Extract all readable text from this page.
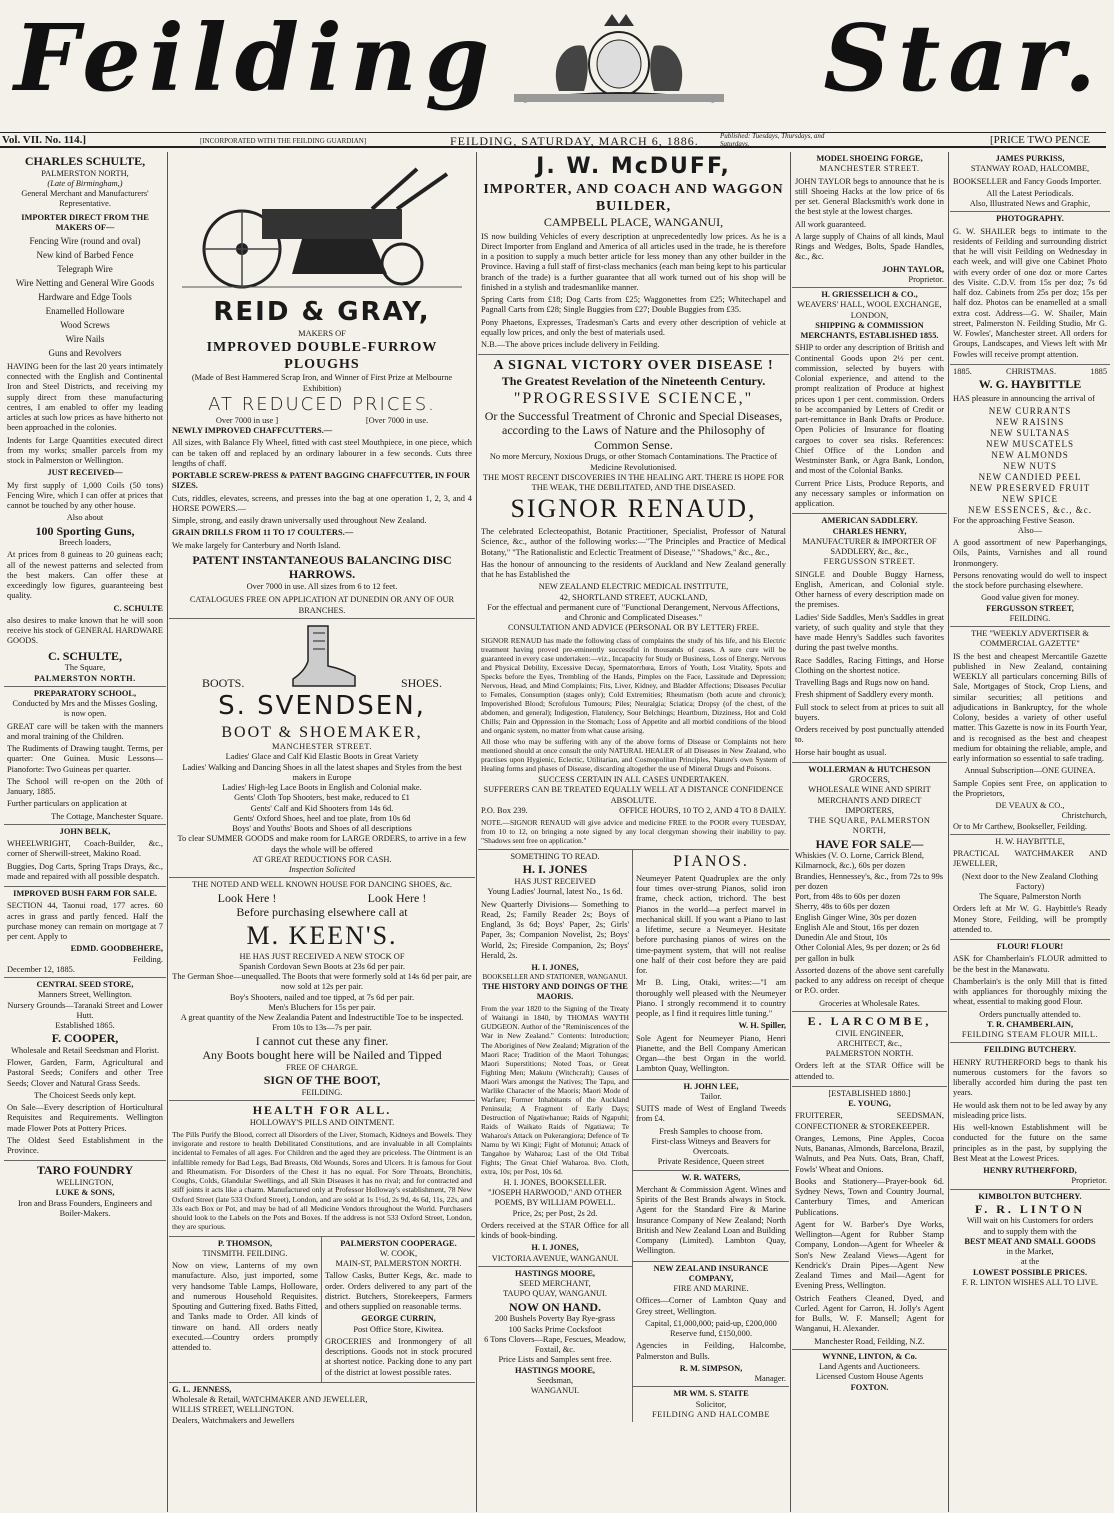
Feilding	Star.
Vol. VII. No. 114.]	[INCORPORATED WITH THE FEILDING GUARDIAN]	FEILDING, SATURDAY, MARCH 6, 1886.	Published: Tuesdays, Thursdays, and Saturdays.	[PRICE TWO PENCE
CHARLES SCHULTE,
PALMERSTON NORTH,
(Late of Birmingham,)
General Merchant and Manufacturers' Representative.
IMPORTER DIRECT FROM THE MAKERS OF—
Fencing Wire (round and oval)
New kind of Barbed Fence
Telegraph Wire
Wire Netting and General Wire Goods
Hardware and Edge Tools
Enamelled Holloware
Wood Screws
Wire Nails
Guns and Revolvers

HAVING been for the last 20 years intimately connected with the English and Continental Iron and Steel Districts, and receiving my supply direct from these manufacturing centres, I am enabled to offer my leading articles at such low prices as have hitherto not been approached in the colonies.

Indents for Large Quantities executed direct from my works; smaller parcels from my stock in Palmerston or Wellington.

JUST RECEIVED—

My first supply of 1,000 Coils (50 tons) Fencing Wire, which I can offer at prices that cannot be touched by any other house.

Also about
100 Sporting Guns,
Breech loaders,

At prices from 8 guineas to 20 guineas each; all of the newest patterns and selected from the best makers. Can offer these at exceedingly low figures, guaranteeing best quality.

C. SCHULTE

also desires to make known that he will soon receive his stock of GENERAL HARDWARE GOODS.

C. SCHULTE,
The Square,
PALMERSTON NORTH.
PREPARATORY SCHOOL,
Conducted by Mrs and the Misses Gosling,
is now open.

GREAT care will be taken with the manners and moral training of the Children.

The Rudiments of Drawing taught. Terms, per quarter: One Guinea. Music Lessons—Pianoforte: Two Guineas per quarter.

The School will re-open on the 20th of January, 1885.

Further particulars on application at

The Cottage, Manchester Square.
JOHN BELK,

WHEELWRIGHT, Coach-Builder, &c., corner of Sherwill-street, Makino Road.

Buggies, Dog Carts, Spring Traps Drays, &c., made and repaired with all possible despatch.

IMPROVED BUSH FARM FOR SALE.

SECTION 44, Taonui road, 177 acres. 60 acres in grass and partly fenced. Half the purchase money can remain on mortgage at 7 per cent. Apply to

EDMD. GOODBEHERE,
Feilding.
December 12, 1885.
CENTRAL SEED STORE,
Manners Street, Wellington.
Nursery Grounds—Taranaki Street and Lower Hutt.
Established 1865.
F. COOPER,
Wholesale and Retail Seedsman and Florist.

Flower, Garden, Farm, Agricultural and Pastoral Seeds; Conifers and other Tree Seeds; Clover and Natural Grass Seeds.

The Choicest Seeds only kept.

On Sale—Every description of Horticultural Requisites and Requirements. Wellington made Flower Pots at Pottery Prices.

The Oldest Seed Establishment in the Province.

TARO FOUNDRY
WELLINGTON,
LUKE & SONS,
Iron and Brass Founders, Engineers and Boiler-Makers.
REID & GRAY,
MAKERS OF
IMPROVED DOUBLE-FURROW PLOUGHS
(Made of Best Hammered Scrap Iron, and Winner of First Prize at Melbourne Exhibition)
AT REDUCED PRICES.
Over 7000 in use ]	[Over 7000 in use.
NEWLY IMPROVED CHAFFCUTTERS.—

All sizes, with Balance Fly Wheel, fitted with cast steel Mouthpiece, in one piece, which can be taken off and replaced by an ordinary labourer in a few seconds. Cuts three lengths of chaff.

PORTABLE SCREW-PRESS & PATENT BAGGING CHAFFCUTTER, IN FOUR SIZES.

Cuts, riddles, elevates, screens, and presses into the bag at one operation 1, 2, 3, and 4 HORSE POWERS.—

Simple, strong, and easily drawn universally used throughout New Zealand.

GRAIN DRILLS FROM 11 TO 17 COULTERS.—

We make largely for Canterbury and North Island.

PATENT INSTANTANEOUS BALANCING DISC HARROWS.
Over 7000 in use. All sizes from 6 to 12 feet.
CATALOGUES FREE ON APPLICATION AT DUNEDIN OR ANY OF OUR BRANCHES.
BOOTS.	SHOES.
S. SVENDSEN,
BOOT & SHOEMAKER,
MANCHESTER STREET.
Ladies' Glace and Calf Kid Elastic Boots in Great Variety
Ladies' Walking and Dancing Shoes in all the latest shapes and Styles from the best makers in Europe
Ladies' High-leg Lace Boots in English and Colonial make.
Gents' Cloth Top Shooters, best make, reduced to £1
Gents' Calf and Kid Shooters from 14s 6d.
Gents' Oxford Shoes, heel and toe plate, from 10s 6d
Boys' and Youths' Boots and Shoes of all descriptions
To clear SUMMER GOODS and make room for LARGE ORDERS, to arrive in a few days the whole will be offered
AT GREAT REDUCTIONS FOR CASH.
Inspection Solicited
THE NOTED AND WELL KNOWN HOUSE FOR DANCING SHOES, &c.
Look Here !	Look Here !
Before purchasing elsewhere call at
M. KEEN'S.
HE HAS JUST RECEIVED A NEW STOCK OF
Spanish Cordovan Sewn Boots at 23s 6d per pair.
The German Shoe—unequalled. The Boots that were formerly sold at 14s 6d per pair, are now sold at 12s per pair.
Boy's Shooters, nailed and toe tipped, at 7s 6d per pair.
Men's Bluchers for 15s per pair.
A great quantity of the New Zealandia Patent and Indestructible Toe to be inspected. From 10s to 13s—7s per pair.
I cannot cut these any finer.
Any Boots bought here will be Nailed and Tipped
FREE OF CHARGE.
SIGN OF THE BOOT,
FEILDING.
HEALTH FOR ALL.
HOLLOWAY'S PILLS AND OINTMENT.

The Pills Purify the Blood, correct all Disorders of the Liver, Stomach, Kidneys and Bowels. They invigorate and restore to health Debilitated Constitutions, and are invaluable in all Complaints incidental to Females of all ages. For Children and the aged they are priceless. The Ointment is an infallible remedy for Bad Legs, Bad Breasts, Old Wounds, Sores and Ulcers. It is famous for Gout and Rheumatism. For Disorders of the Chest it has no equal. For Sore Throats, Bronchitis, Coughs, Colds, Glandular Swellings, and all Skin Diseases it has no rival; and for contracted and stiff joints it acts like a charm. Manufactured only at Professor Holloway's establishment, 78 New Oxford Street (late 533 Oxford Street), London, and are sold at 1s 1½d, 2s 9d, 4s 6d, 11s, 22s, and 33s each Box or Pot, and may be had of all Medicine Vendors throughout the World. Purchasers should look to the Labels on the Pots and Boxes. If the address is not 533 Oxford Street, London, they are spurious.

P. THOMSON,
TINSMITH. FEILDING.

Now on view, Lanterns of my own manufacture. Also, just imported, some very handsome Table Lamps, Holloware, and numerous Household Requisites. Spouting and Guttering fixed. Baths Fitted, and Tanks made to Order. All kinds of tinware on hand. All orders neatly executed.—Country orders promptly attended to.

PALMERSTON COOPERAGE.
W. COOK,
MAIN-ST, PALMERSTON NORTH.

Tallow Casks, Butter Kegs, &c. made to order. Orders delivered to any part of the district. Butchers, Storekeepers, Farmers and others supplied on reasonable terms.

GEORGE CURRIN,
Post Office Store, Kiwitea.

GROCERIES and Ironmongery of all descriptions. Goods not in stock procured at shortest notice. Packing done to any part of the district at lowest possible rates.

G. L. JENNESS,
Wholesale & Retail, WATCHMAKER AND JEWELLER,
WILLIS STREET, WELLINGTON.
Dealers, Watchmakers and Jewellers
J. W. McDUFF,
IMPORTER, AND COACH AND WAGGON BUILDER,
CAMPBELL PLACE, WANGANUI,

IS now building Vehicles of every description at unprecedentedly low prices. As he is a Direct Importer from England and America of all articles used in the trade, he is therefore in a position to supply a much better article for less money than any other builder in the Province. Having a full staff of first-class mechanics (each man being kept to his particular branch of the trade) is a further guarantee that all work turned out of his shop will be finished in a stylish and tradesmanlike manner.

Spring Carts from £18; Dog Carts from £25; Waggonettes from £25; Whitechapel and Pagnall Carts from £28; Single Buggies from £27; Double Buggies from £35.

Pony Phaetons, Expresses, Tradesman's Carts and every other description of vehicle at equally low prices, and only the best of materials used.

N.B.—The above prices include delivery in Feilding.

A SIGNAL VICTORY OVER DISEASE !
The Greatest Revelation of the Nineteenth Century.
"PROGRESSIVE SCIENCE,"
Or the Successful Treatment of Chronic and Special Diseases, according to the Laws of Nature and the Philosophy of Common Sense.
No more Mercury, Noxious Drugs, or other Stomach Contaminations. The Practice of Medicine Revolutionised.
THE MOST RECENT DISCOVERIES IN THE HEALING ART. THERE IS HOPE FOR THE WEAK, THE DEBILITATED, AND THE DISEASED.
SIGNOR RENAUD,

The celebrated Eclecteopathist, Botanic Practitioner, Specialist, Professor of Natural Science, &c., author of the following works:—"The Principles and Practice of Medical Botany," "The Rationalistic and Eclectic Treatment of Disease," "Shadows," &c., &c.,

Has the honour of announcing to the residents of Auckland and New Zealand generally that he has Established the

NEW ZEALAND ELECTRIC MEDICAL INSTITUTE,
42, SHORTLAND STREET, AUCKLAND,
For the effectual and permanent cure of "Functional Derangement, Nervous Affections, and Chronic and Complicated Diseases."
CONSULTATION AND ADVICE (PERSONAL OR BY LETTER) FREE.

SIGNOR RENAUD has made the following class of complaints the study of his life, and his Electric treatment having proved pre-eminently successful in thousands of cases. A sure cure will be guaranteed in every case undertaken:—viz., Incapacity for Study or Business, Loss of Energy, Nervous and Physical Debility, Excessive Decay, Spermatorrhœa, Errors of Youth, Lost Vitality, Spots and Specks before the Eyes, Trembling of the Hands, Pimples on the Face, Lassitude and Depression; Nervous, Head, and Mind Complaints; Fits, Liver, Kidney, and Bladder Affections; Diseases Peculiar to Females, Consumption (stages only); Cold Extremities; Rheumatism (both acute and chronic); Impoverished Blood; Scrofulous Tumours; Piles; Neuralgia; Sciatica; Dropsy (of the chest, of the abdomen, and general); Indigestion, Flatulency, Sour Belchings; Heartburn, Dizziness, Hot and Cold Chills; Pain and Oppression in the Stomach; Loss of Appetite and all morbid conditions of the blood and organic system, no matter from what cause arising.

All those who may be suffering with any of the above forms of Disease or Complaints not here mentioned should at once consult the only NATURAL HEALER of all Diseases in New Zealand, who practises upon Hygienic, Eclectic, Utilitarian, and Cosmopolitan Principles, Nature's own System of Healing forms and phases of Disease, discarding altogether the use of Mineral Drugs and Poisons.

SUCCESS CERTAIN IN ALL CASES UNDERTAKEN.
SUFFERERS CAN BE TREATED EQUALLY WELL AT A DISTANCE CONFIDENCE ABSOLUTE.
P.O. Box 239.	OFFICE HOURS, 10 TO 2, AND 4 TO 8 DAILY.

NOTE.—SIGNOR RENAUD will give advice and medicine FREE to the POOR every TUESDAY, from 10 to 12, on bringing a note signed by any local clergyman showing their inability to pay. "Shadows sent free on application."

SOMETHING TO READ.
H. I. JONES
HAS JUST RECEIVED
Young Ladies' Journal, latest No., 1s 6d.

New Quarterly Divisions— Something to Read, 2s; Family Reader 2s; Boys of England, 3s 6d; Boys' Paper, 2s; Girls' Paper, 3s; Companion Novelist, 2s; Boys' World, 2s; Fireside Companion, 2s; Boys' Herald, 2s.

H. I. JONES,
BOOKSELLER AND STATIONER, WANGANUI.
THE HISTORY AND DOINGS OF THE MAORIS.

From the year 1820 to the Signing of the Treaty of Waitangi in 1840, by THOMAS WAYTH GUDGEON. Author of the "Reminiscences of the War in New Zealand." Contents: Introduction; The Aborigines of New Zealand; Migration of the Maori Race; Tradition of the Maori Tohungas; Maori Superstitions; Noted Toas, or Great Fighting Men; Makutu (Witchcraft); Causes of Maori Wars amongst the Natives; The Tapu, and Warlike Character of the Maoris; Maori Mode of Warfare; Former Inhabitants of the Auckland Peninsula; A Fragment of Early Days; Destruction of Ngatiwhanue; Raids of Ngapuhi; Raids of Waikato Raids of Ngatiawa; Te Waharoa's Attack on Pukerangiora; Defence of Te Namu by Wi Kingi; Fight of Motunui; Attack of Tangahoe by Waharoa; Last of the Old Tribal Fights; The Great Chief Waharoa. 8vo. Cloth, extra, 10s; per Post, 10s 6d.

H. I. JONES, BOOKSELLER.
"JOSEPH HARWOOD," AND OTHER POEMS, BY WILLIAM POWELL.
Price, 2s; per Post, 2s 2d.

Orders received at the STAR Office for all kinds of book-binding.

H. I. JONES,
VICTORIA AVENUE, WANGANUI.
HASTINGS MOORE,
SEED MERCHANT,
TAUPO QUAY, WANGANUI.
NOW ON HAND.
200 Bushels Poverty Bay Rye-grass
100 Sacks Prime Cocksfoot
6 Tons Clovers—Rape, Fescues, Meadow, Foxtail, &c.
Price Lists and Samples sent free.
HASTINGS MOORE,
Seedsman,
WANGANUI.
PIANOS.

Neumeyer Patent Quadruplex are the only four times over-strung Pianos, solid iron frame, check action, trichord. The best Pianos in the world—a perfect marvel in mechanical skill. If you want a Piano to last a lifetime, secure a Neumeyer. Hesitate before purchasing pianos of wires on the time-payment system, that will not realise one half of their cost before they are paid for.

Mr B. Ling, Otaki, writes:—"I am thoroughly well pleased with the Neumeyer Piano. I strongly recommend it to country people, as I find it requires little tuning."

W. H. Spiller,

Sole Agent for Neumeyer Piano, Henri Pianette, and the Bell Company American Organ—the best Organ in the world. Lambton Quay, Wellington.

H. JOHN LEE,
Tailor.

SUITS made of West of England Tweeds from £4.

Fresh Samples to choose from.
First-class Witneys and Beavers for Overcoats.
Private Residence, Queen street
W. R. WATERS,

Merchant & Commission Agent. Wines and Spirits of the Best Brands always in Stock. Agent for the Standard Fire & Marine Insurance Company of New Zealand; North British and New Zealand Loan and Building Company (Limited). Lambton Quay, Wellington.

NEW ZEALAND INSURANCE COMPANY,
FIRE AND MARINE.

Offices—Corner of Lambton Quay and Grey street, Wellington.

Capital, £1,000,000; paid-up, £200,000
Reserve fund, £150,000.

Agencies in Feilding, Halcombe, Palmerston and Bulls.

R. M. SIMPSON,
Manager.
MR WM. S. STAITE
Solicitor,
FEILDING AND HALCOMBE
MODEL SHOEING FORGE,
MANCHESTER STREET.

JOHN TAYLOR begs to announce that he is still Shoeing Hacks at the low price of 6s per set. General Blacksmith's work done in the best style at the lowest charges.

All work guaranteed.

A large supply of Chains of all kinds, Maul Rings and Wedges, Bolts, Spade Handles, &c., &c.

JOHN TAYLOR,
Proprietor.
H. GRIESSELICH & CO.,
WEAVERS' HALL, WOOL EXCHANGE, LONDON,
SHIPPING & COMMISSION MERCHANTS, ESTABLISHED 1855.

SHIP to order any description of British and Continental Goods upon 2½ per cent. commission, selected by buyers with Colonial experience, and attend to the prompt realization of Produce at highest prices upon 1 per cent. commission. Orders to be accompanied by Letters of Credit or part-remittance in Bank Drafts or Produce. Open Policies of Insurance for floating cargoes to cover sea risks. References: Chief Office of the London and Westminster Bank, or Agra Bank, London, and most of the Colonial Banks.

Current Price Lists, Produce Reports, and any necessary samples or information on application.

AMERICAN SADDLERY.
CHARLES HENRY,
MANUFACTURER & IMPORTER OF SADDLERY, &c., &c.,
FERGUSSON STREET.

SINGLE and Double Buggy Harness, English, American, and Colonial style. Other harness of every description made on the premises.

Ladies' Side Saddles, Men's Saddles in great variety, of such quality and style that they have made Henry's Saddles such favorites during the past twelve months.

Race Saddles, Racing Fittings, and Horse Clothing on the shortest notice.

Travelling Bags and Rugs now on hand.

Fresh shipment of Saddlery every month.

Full stock to select from at prices to suit all buyers.

Orders received by post punctually attended to.

Horse hair bought as usual.

WOLLERMAN & HUTCHESON
GROCERS,
WHOLESALE WINE AND SPIRIT MERCHANTS AND DIRECT IMPORTERS,
THE SQUARE, PALMERSTON NORTH,
HAVE FOR SALE—
Whiskies (V. O. Lorne, Carrick Blend, Kilmarnock, &c.), 60s per dozen
Brandies, Hennessey's, &c., from 72s to 99s per dozen
Port, from 48s to 60s per dozen
Sherry, 48s to 60s per dozen
English Ginger Wine, 30s per dozen
English Ale and Stout, 16s per dozen
Dunedin Ale and Stout, 10s
Other Colonial Ales, 9s per dozen; or 2s 6d per gallon in bulk

Assorted dozens of the above sent carefully packed to any address on receipt of cheque or P.O. order.

Groceries at Wholesale Rates.
E. LARCOMBE,
CIVIL ENGINEER,
ARCHITECT, &c.,
PALMERSTON NORTH.

Orders left at the STAR Office will be attended to.

[ESTABLISHED 1880.]
E. YOUNG,

FRUITERER, SEEDSMAN, CONFECTIONER & STOREKEEPER.

Oranges, Lemons, Pine Apples, Cocoa Nuts, Bananas, Almonds, Barcelona, Brazil, Walnuts, and Pea Nuts. Oats, Bran, Chaff, Fowls' Wheat and Onions.

Books and Stationery—Prayer-book 6d. Sydney News, Town and Country Journal, Canterbury Times, and American Publications.

Agent for W. Barber's Dye Works, Wellington—Agent for Rubber Stamp Company, London—Agent for Wheeler & Son's New Zealand Views—Agent for Kendrick's Drain Pipes—Agent New Zealand Times and Mail—Agent for Evening Press, Wellington.

Ostrich Feathers Cleaned, Dyed, and Curled. Agent for Carron, H. Jolly's Agent for Bulls, W. F. Mansell; Agent for Wanganui, H. Alexander.

Manchester Road, Feilding, N.Z.
WYNNE, LINTON, & Co.
Land Agents and Auctioneers.
Licensed Custom House Agents
FOXTON.
JAMES PURKISS,
STANWAY ROAD, HALCOMBE,

BOOKSELLER and Fancy Goods Importer.

All the Latest Periodicals.
Also, Illustrated News and Graphic,
PHOTOGRAPHY.

G. W. SHAILER begs to intimate to the residents of Feilding and surrounding district that he will visit Feilding on Wednesday in each week, and will give one Cabinet Photo with every order of one doz or more Cartes des Visite. C.D.V. from 15s per doz; 7s 6d half doz. Cabinets from 25s per doz; 15s per half doz. Photos can be enamelled at a small extra cost. Address—G. W. Shailer, Main street, Palmerston N. Feilding Studio, Mr G. W. Fowles', Manchester street. All orders for Groups, Landscapes, and Views left with Mr Fowles will receive prompt attention.

1885.	CHRISTMAS.	1885
W. G. HAYBITTLE

HAS pleasure in announcing the arrival of

NEW CURRANTS
NEW RAISINS
NEW SULTANAS
NEW MUSCATELS
NEW ALMONDS
NEW NUTS
NEW CANDIED PEEL
NEW PRESERVED FRUIT
NEW SPICE
NEW ESSENCES, &c., &c.
For the approaching Festive Season.
Also—

A good assortment of new Paperhangings, Oils, Paints, Varnishes and all round Ironmongery.

Persons renovating would do well to inspect the stock before purchasing elsewhere.

Good value given for money.
FERGUSSON STREET,
FEILDING.
THE "WEEKLY ADVERTISER & COMMERCIAL GAZETTE"

IS the best and cheapest Mercantile Gazette published in New Zealand, containing WEEKLY all particulars concerning Bills of Sale, Mortgages of Stock, Crop Liens, and similar securities; all petitions and adjudications in Bankruptcy, for the whole Colony, besides a variety of other useful matter. This Gazette is now in its Fourth Year, and is recognised as the best and cheapest medium for obtaining the reliable, ample, and early information so essential to safe trading.

Annual Subscription—ONE GUINEA.

Sample Copies sent Free, on application to the Proprietors,

DE VEAUX & CO.,
Christchurch,
Or to Mr Carthew, Bookseller, Feilding.
H. W. HAYBITTLE,

PRACTICAL WATCHMAKER AND JEWELLER,

(Next door to the New Zealand Clothing Factory)
The Square, Palmerston North

Orders left at Mr W. G. Haybittle's Ready Money Store, Feilding, will be promptly attended to.

FLOUR! FLOUR!

ASK for Chamberlain's FLOUR admitted to be the best in the Manawatu.

Chamberlain's is the only Mill that is fitted with appliances for thoroughly mixing the wheat, essential to making good Flour.

Orders punctually attended to.
T. R. CHAMBERLAIN,
FEILDING STEAM FLOUR MILL.
FEILDING BUTCHERY.

HENRY RUTHERFORD begs to thank his numerous customers for the favors so liberally accorded him during the past ten years.

He would ask them not to be led away by any misleading price lists.

His well-known Establishment will be conducted for the future on the same principles as in the past, by supplying the Best Meat at the Lowest Prices.

HENRY RUTHERFORD,
Proprietor.
KIMBOLTON BUTCHERY.
F. R. LINTON
Will wait on his Customers for orders
and to supply them with the
BEST MEAT AND SMALL GOODS
in the Market,
at the
LOWEST POSSIBLE PRICES.
F. R. LINTON WISHES ALL TO LIVE.
